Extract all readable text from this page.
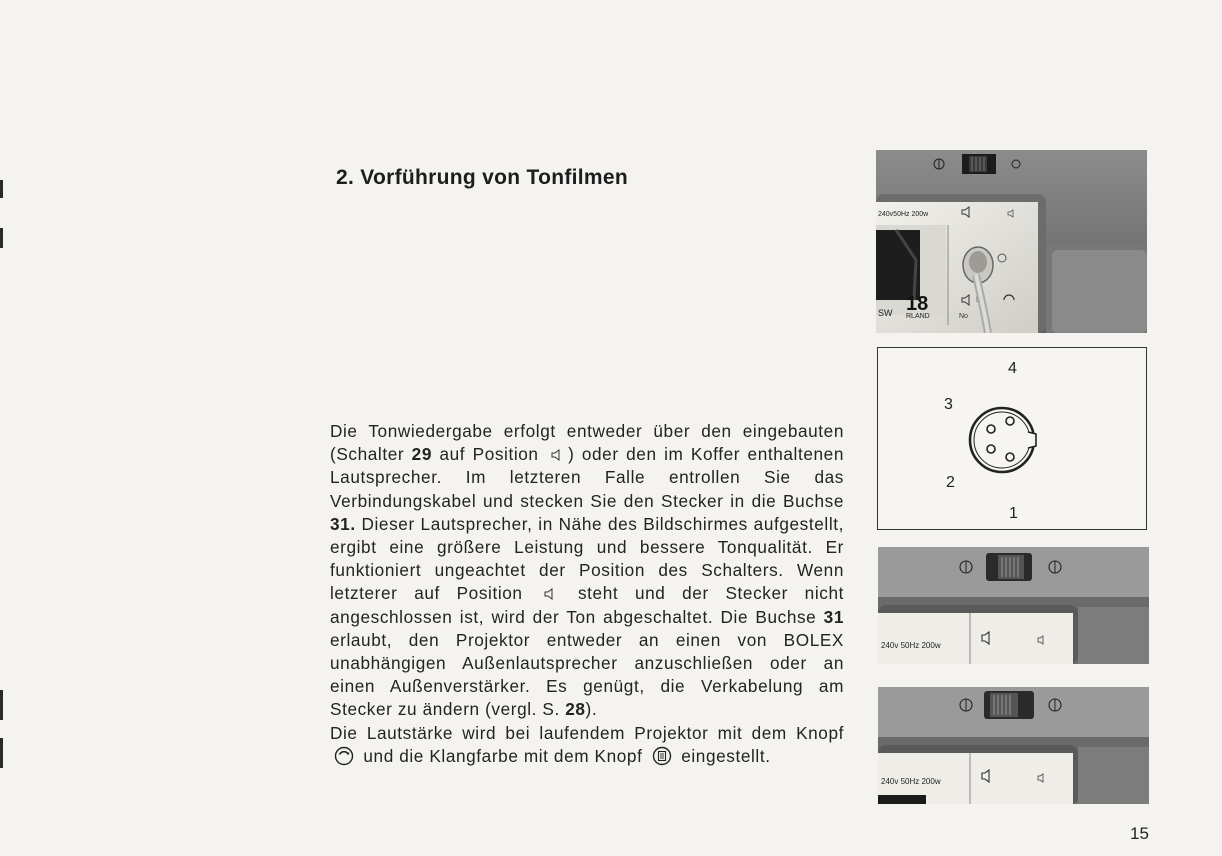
2. Vorführung von Tonfilmen

Die Tonwiedergabe erfolgt entweder über den eingebauten (Schalter 29 auf Position ) oder den im Koffer enthaltenen Lautsprecher. Im letzteren Falle entrollen Sie das Verbindungskabel und stecken Sie den Stecker in die Buchse 31. Dieser Lautsprecher, in Nähe des Bildschirmes aufgestellt, ergibt eine größere Leistung und bessere Tonqualität. Er funktioniert ungeachtet der Position des Schalters. Wenn letzterer auf Position  steht und der Stecker nicht angeschlossen ist, wird der Ton abgeschaltet. Die Buchse 31 erlaubt, den Projektor entweder an einen von BOLEX unabhängigen Außenlautsprecher anzuschließen oder an einen Außenverstärker. Es genügt, die Verkabelung am Stecker zu ändern (vergl. S. 28).

Die Lautstärke wird bei laufendem Projektor mit dem Knopf  und die Klangfarbe mit dem Knopf  eingestellt.

240v50Hz 200w
SW 18
RLAND	No
5
4
3
2
1
240v 50Hz 200w
240v 50Hz 200w
15
